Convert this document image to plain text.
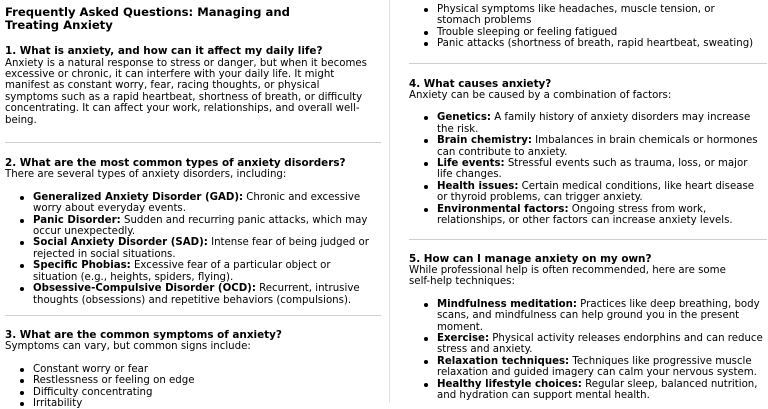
Frequently Asked Questions: Managing and Treating Anxiety
1. What is anxiety, and how can it affect my daily life?

Anxiety is a natural response to stress or danger, but when it becomes excessive or chronic, it can interfere with your daily life. It might manifest as constant worry, fear, racing thoughts, or physical symptoms such as a rapid heartbeat, shortness of breath, or difficulty concentrating. It can affect your work, relationships, and overall well-being.

2. What are the most common types of anxiety disorders?

There are several types of anxiety disorders, including:

Generalized Anxiety Disorder (GAD): Chronic and excessive worry about everyday events.
Panic Disorder: Sudden and recurring panic attacks, which may occur unexpectedly.
Social Anxiety Disorder (SAD): Intense fear of being judged or rejected in social situations.
Specific Phobias: Excessive fear of a particular object or situation (e.g., heights, spiders, flying).
Obsessive-Compulsive Disorder (OCD): Recurrent, intrusive thoughts (obsessions) and repetitive behaviors (compulsions).
3. What are the common symptoms of anxiety?

Symptoms can vary, but common signs include:

Constant worry or fear
Restlessness or feeling on edge
Difficulty concentrating
Irritability
Physical symptoms like headaches, muscle tension, or stomach problems
Trouble sleeping or feeling fatigued
Panic attacks (shortness of breath, rapid heartbeat, sweating)
4. What causes anxiety?

Anxiety can be caused by a combination of factors:

Genetics: A family history of anxiety disorders may increase the risk.
Brain chemistry: Imbalances in brain chemicals or hormones can contribute to anxiety.
Life events: Stressful events such as trauma, loss, or major life changes.
Health issues: Certain medical conditions, like heart disease or thyroid problems, can trigger anxiety.
Environmental factors: Ongoing stress from work, relationships, or other factors can increase anxiety levels.
5. How can I manage anxiety on my own?

While professional help is often recommended, here are some self-help techniques:

Mindfulness meditation: Practices like deep breathing, body scans, and mindfulness can help ground you in the present moment.
Exercise: Physical activity releases endorphins and can reduce stress and anxiety.
Relaxation techniques: Techniques like progressive muscle relaxation and guided imagery can calm your nervous system.
Healthy lifestyle choices: Regular sleep, balanced nutrition, and hydration can support mental health.
